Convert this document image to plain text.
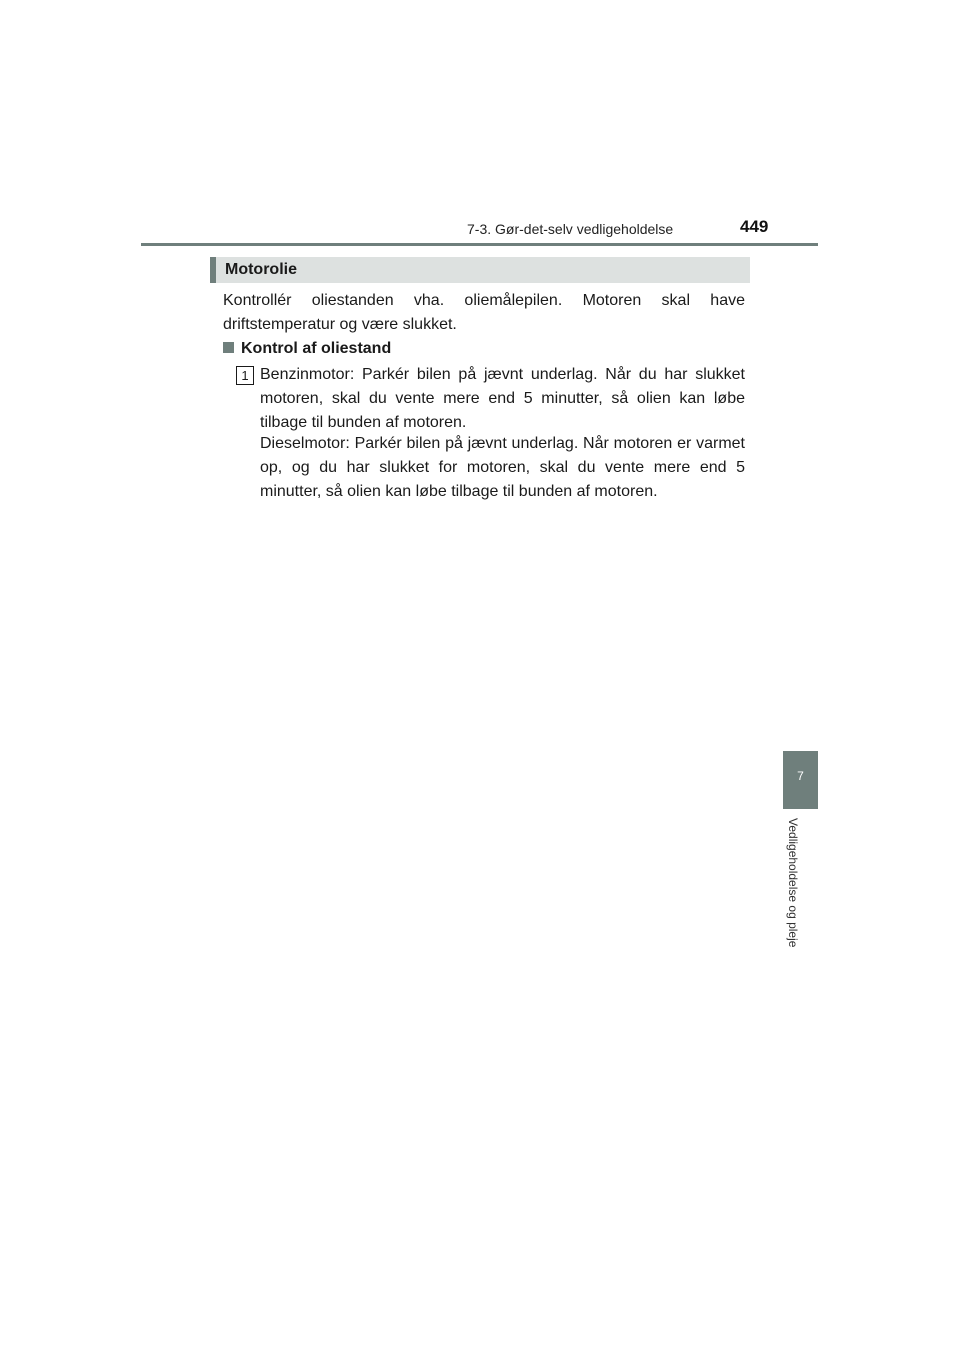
7-3. Gør-det-selv vedligeholdelse	449
Motorolie
Kontrollér oliestanden vha. oliemålepilen. Motoren skal have driftstemperatur og være slukket.
Kontrol af oliestand
1 Benzinmotor: Parkér bilen på jævnt underlag. Når du har slukket motoren, skal du vente mere end 5 minutter, så olien kan løbe tilbage til bunden af motoren.
Dieselmotor: Parkér bilen på jævnt underlag. Når motoren er varmet op, og du har slukket for motoren, skal du vente mere end 5 minutter, så olien kan løbe tilbage til bunden af motoren.
7
Vedligeholdelse og pleje
